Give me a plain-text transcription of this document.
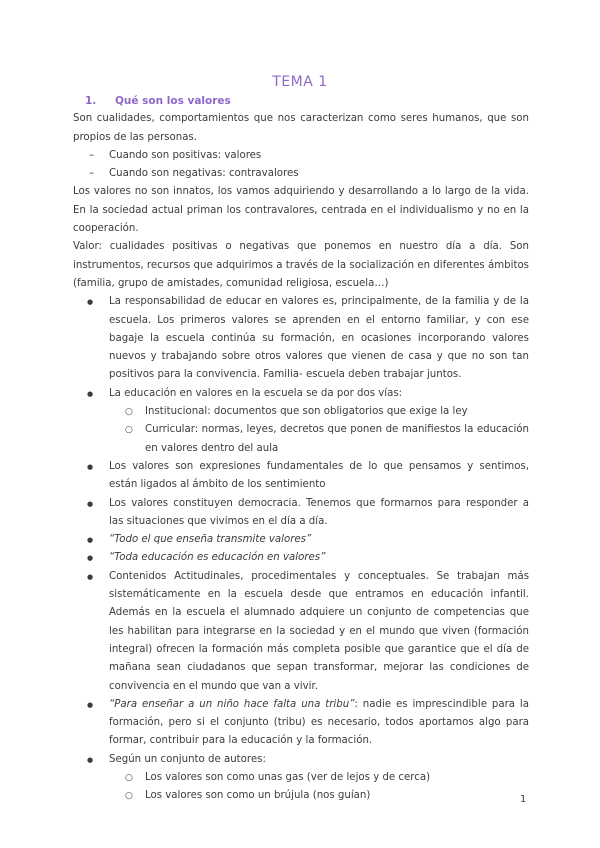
TEMA 1
1. Qué son los valores

Son cualidades, comportamientos que nos caracterizan como seres humanos, que son propios de las personas.

– Cuando son positivas: valores
– Cuando son negativas: contravalores

Los valores no son innatos, los vamos adquiriendo y desarrollando a lo largo de la vida. En la sociedad actual priman los contravalores, centrada en el individualismo y no en la cooperación.

Valor: cualidades positivas o negativas que ponemos en nuestro día a día. Son instrumentos, recursos que adquirimos a través de la socialización en diferentes ámbitos (familia, grupo de amistades, comunidad religiosa, escuela…)

● La responsabilidad de educar en valores es, principalmente, de la familia y de la escuela. Los primeros valores se aprenden en el entorno familiar, y con ese bagaje la escuela continúa su formación, en ocasiones incorporando valores nuevos y trabajando sobre otros valores que vienen de casa y que no son tan positivos para la convivencia. Familia- escuela deben trabajar juntos.
● La educación en valores en la escuela se da por dos vías:
○ Institucional: documentos que son obligatorios que exige la ley
○ Curricular: normas, leyes, decretos que ponen de manifiestos la educación en valores dentro del aula
● Los valores son expresiones fundamentales de lo que pensamos y sentimos, están ligados al ámbito de los sentimiento
● Los valores constituyen democracia. Tenemos que formarnos para responder a las situaciones que vivimos en el día a día.
● “Todo el que enseña transmite valores”
● “Toda educación es educación en valores”
● Contenidos Actitudinales, procedimentales y conceptuales. Se trabajan más sistemáticamente en la escuela desde que entramos en educación infantil. Además en la escuela el alumnado adquiere un conjunto de competencias que les habilitan para integrarse en la sociedad y en el mundo que viven (formación integral) ofrecen la formación más completa posible que garantice que el día de mañana sean ciudadanos que sepan transformar, mejorar las condiciones de convivencia en el mundo que van a vivir.
● “Para enseñar a un niño hace falta una tribu”: nadie es imprescindible para la formación, pero si el conjunto (tribu) es necesario, todos aportamos algo para formar, contribuir para la educación y la formación.
● Según un conjunto de autores:
○ Los valores son como unas gas (ver de lejos y de cerca)
○ Los valores son como un brújula (nos guían)	1
